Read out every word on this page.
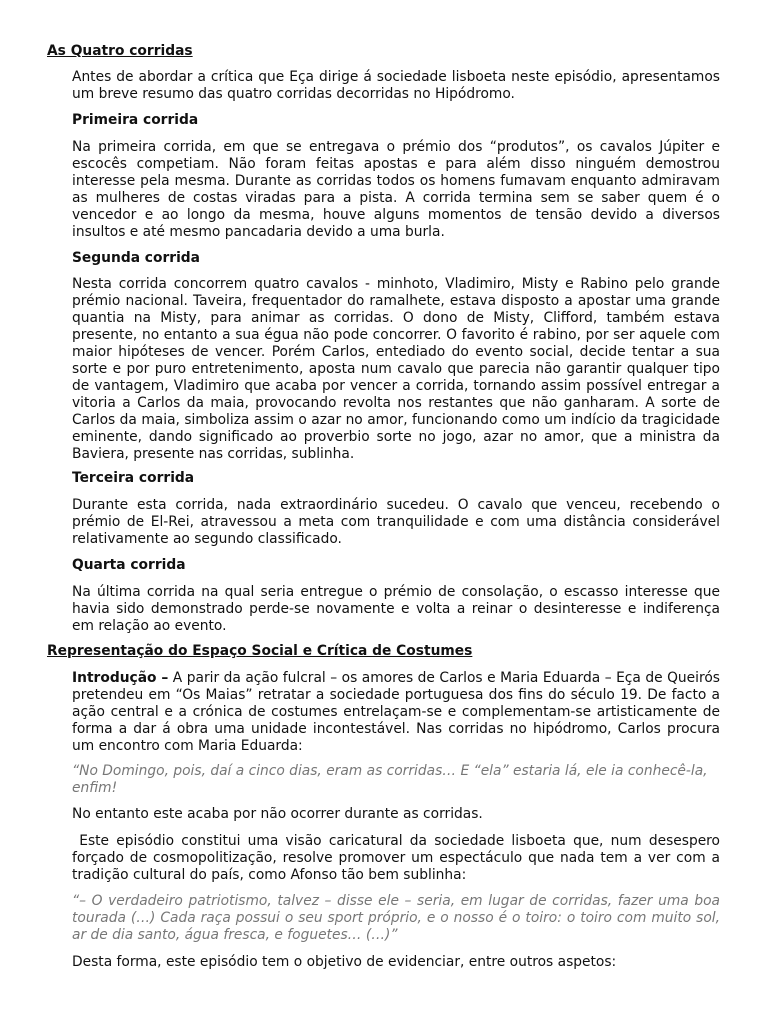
As Quatro corridas

Antes de abordar a crítica que Eça dirige á sociedade lisboeta neste episódio, apresentamos um breve resumo das quatro corridas decorridas no Hipódromo.

Primeira corrida

Na primeira corrida, em que se entregava o prémio dos “produtos”, os cavalos Júpiter e escocês competiam. Não foram feitas apostas e para além disso ninguém demostrou interesse pela mesma. Durante as corridas todos os homens fumavam enquanto admiravam as mulheres de costas viradas para a pista. A corrida termina sem se saber quem é o vencedor e ao longo da mesma, houve alguns momentos de tensão devido a diversos insultos e até mesmo pancadaria devido a uma burla.

Segunda corrida

Nesta corrida concorrem quatro cavalos - minhoto, Vladimiro, Misty e Rabino pelo grande prémio nacional. Taveira, frequentador do ramalhete, estava disposto a apostar uma grande quantia na Misty, para animar as corridas. O dono de Misty, Clifford, também estava presente, no entanto a sua égua não pode concorrer. O favorito é rabino, por ser aquele com maior hipóteses de vencer. Porém Carlos, entediado do evento social, decide tentar a sua sorte e por puro entretenimento, aposta num cavalo que parecia não garantir qualquer tipo de vantagem, Vladimiro que acaba por vencer a corrida, tornando assim possível entregar a vitoria a Carlos da maia, provocando revolta nos restantes que não ganharam. A sorte de Carlos da maia, simboliza assim o azar no amor, funcionando como um indício da tragicidade eminente, dando significado ao proverbio sorte no jogo, azar no amor, que a ministra da Baviera, presente nas corridas, sublinha.

Terceira corrida

Durante esta corrida, nada extraordinário sucedeu. O cavalo que venceu, recebendo o prémio de El-Rei, atravessou a meta com tranquilidade e com uma distância considerável relativamente ao segundo classificado.

Quarta corrida

Na última corrida na qual seria entregue o prémio de consolação, o escasso interesse que havia sido demonstrado perde-se novamente e volta a reinar o desinteresse e indiferença em relação ao evento.

Representação do Espaço Social e Crítica de Costumes

Introdução – A parir da ação fulcral – os amores de Carlos e Maria Eduarda – Eça de Queirós pretendeu em “Os Maias” retratar a sociedade portuguesa dos fins do século 19. De facto a ação central e a crónica de costumes entrelaçam-se e complementam-se artisticamente de forma a dar á obra uma unidade incontestável. Nas corridas no hipódromo, Carlos procura um encontro com Maria Eduarda:

“No Domingo, pois, daí a cinco dias, eram as corridas… E “ela” estaria lá, ele ia conhecê-la, enfim!

No entanto este acaba por não ocorrer durante as corridas.

Este episódio constitui uma visão caricatural da sociedade lisboeta que, num desespero forçado de cosmopolitização, resolve promover um espectáculo que nada tem a ver com a tradição cultural do país, como Afonso tão bem sublinha:

“– O verdadeiro patriotismo, talvez – disse ele – seria, em lugar de corridas, fazer uma boa tourada (…) Cada raça possui o seu sport próprio, e o nosso é o toiro: o toiro com muito sol, ar de dia santo, água fresca, e foguetes… (…)”

Desta forma, este episódio tem o objetivo de evidenciar, entre outros aspetos:
